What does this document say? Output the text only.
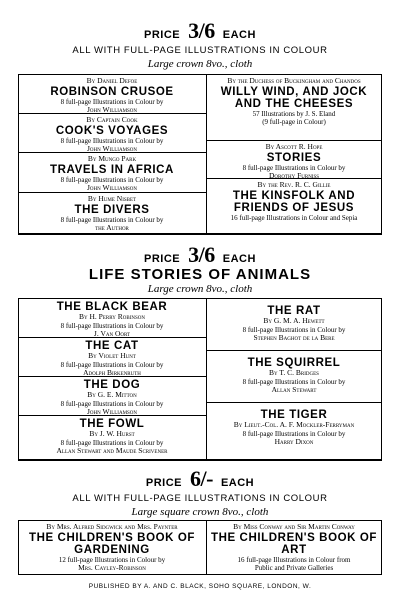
PRICE 3/6 EACH
ALL WITH FULL-PAGE ILLUSTRATIONS IN COLOUR
Large crown 8vo., cloth
By Daniel Defoe
ROBINSON CRUSOE
8 full-page Illustrations in Colour by
John Williamson
By Captain Cook
COOK'S VOYAGES
8 full-page Illustrations in Colour by
John Williamson
By Mungo Park
TRAVELS IN AFRICA
8 full-page Illustrations in Colour by
John Williamson
By Hume Nisbet
THE DIVERS
8 full-page Illustrations in Colour by
the Author
By the Duchess of Buckingham and Chandos
WILLY WIND, AND JOCK AND THE CHEESES
57 Illustrations by J. S. Eland
(9 full-page in Colour)
By Ascott R. Hope
STORIES
8 full-page Illustrations in Colour by
Dorothy Furniss
By the Rev. R. C. Gillie
THE KINSFOLK AND FRIENDS OF JESUS
16 full-page Illustrations in Colour and Sepia
PRICE 3/6 EACH
LIFE STORIES OF ANIMALS
Large crown 8vo., cloth
THE BLACK BEAR
By H. Perry Robinson
8 full-page Illustrations in Colour by
J. Van Oort
THE CAT
By Violet Hunt
8 full-page Illustrations in Colour by
Adolph Birkenruth
THE DOG
By G. E. Mitton
8 full-page Illustrations in Colour by
John Williamson
THE FOWL
By J. W. Hurst
8 full-page Illustrations in Colour by
Allan Stewart and Maude Scrivener
THE RAT
By G. M. A. Hewett
8 full-page Illustrations in Colour by
Stephen Baghot de la Bere
THE SQUIRREL
By T. C. Bridges
8 full-page Illustrations in Colour by
Allan Stewart
THE TIGER
By Lieut.-Col. A. F. Mockler-Ferryman
8 full-page Illustrations in Colour by
Harry Dixon
PRICE 6/- EACH
ALL WITH FULL-PAGE ILLUSTRATIONS IN COLOUR
Large square crown 8vo., cloth
By Mrs. Alfred Sidgwick and Mrs. Paynter
THE CHILDREN'S BOOK OF GARDENING
12 full-page Illustrations in Colour by
Mrs. Cayley-Robinson
By Miss Conway and Sir Martin Conway
THE CHILDREN'S BOOK OF ART
16 full-page Illustrations in Colour from
Public and Private Galleries
PUBLISHED BY A. AND C. BLACK, SOHO SQUARE, LONDON, W.
